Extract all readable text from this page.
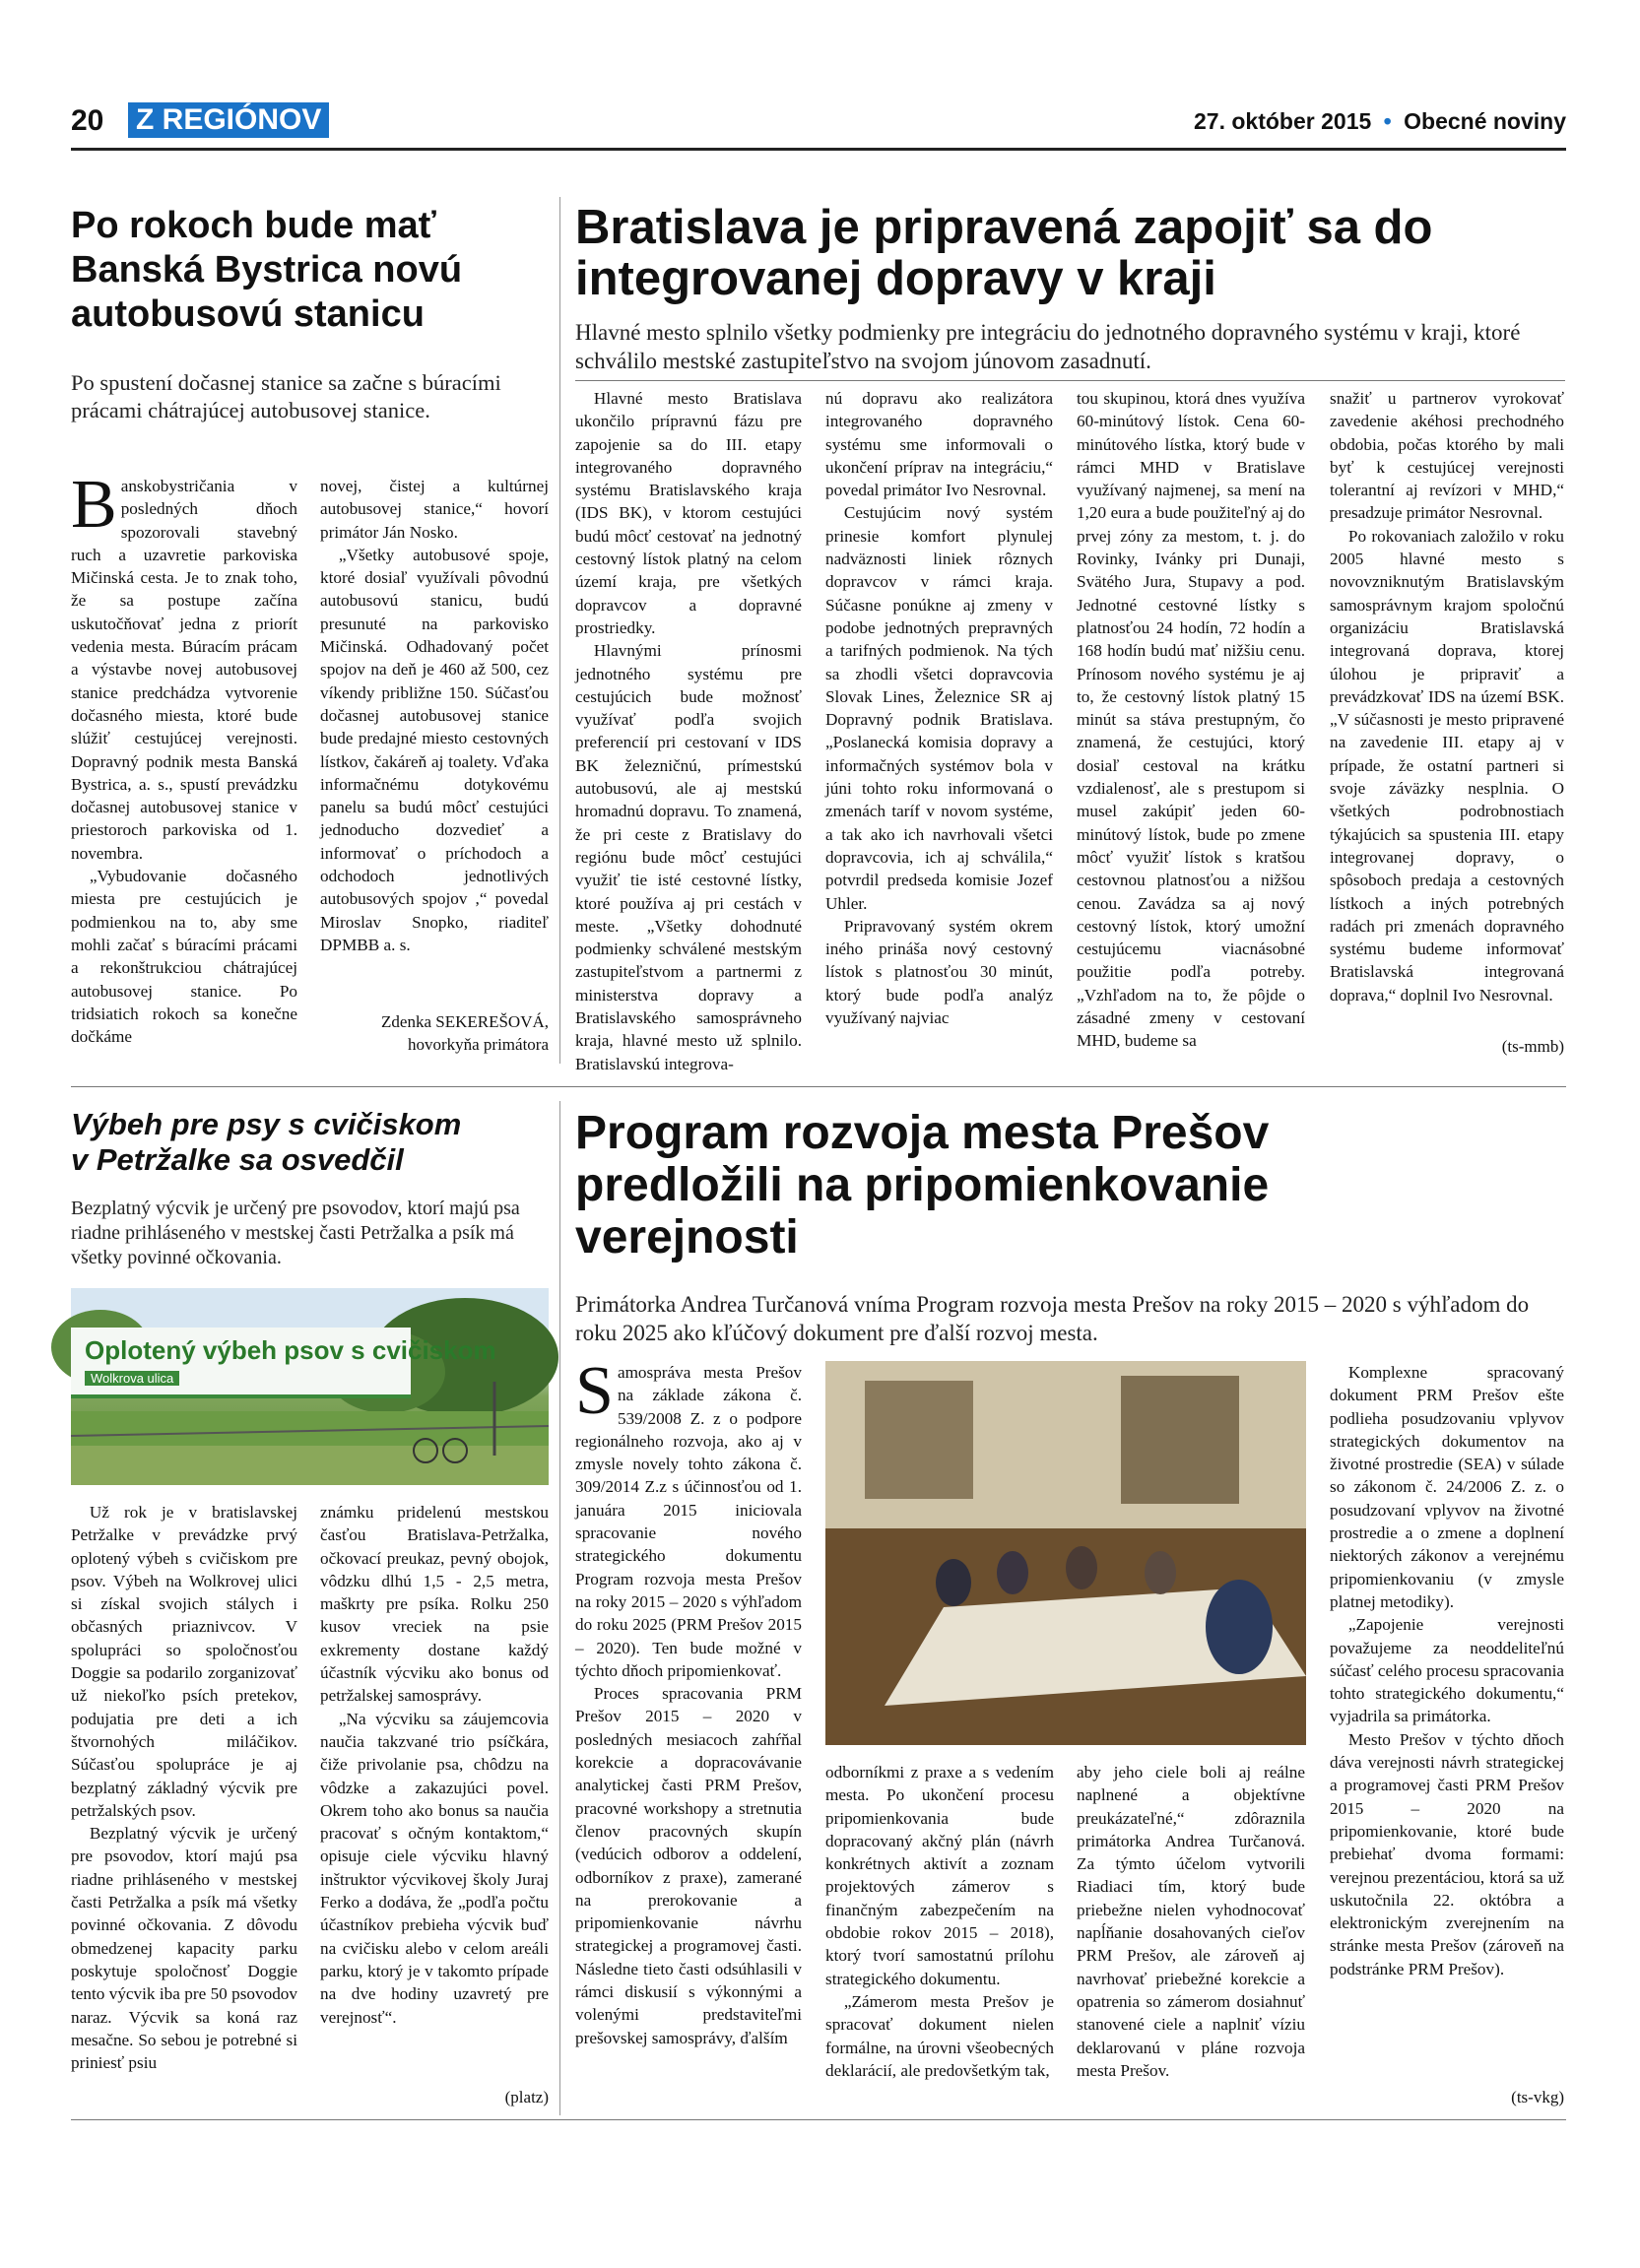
20 Z REGIÓNOV	27. október 2015 • Obecné noviny
Po rokoch bude mať Banská Bystrica novú autobusovú stanicu

Po spustení dočasnej stanice sa začne s búracími prácami chátrajúcej autobusovej stanice.

Banskobystričania v posledných dňoch spozorovali stavebný ruch a uzavretie parkoviska Mičinská cesta. Je to znak toho, že sa postupe začína uskutočňovať jedna z priorít vedenia mesta. Búracím prácam a výstavbe novej autobusovej stanice predchádza vytvorenie dočasného miesta, ktoré bude slúžiť cestujúcej verejnosti. Dopravný podnik mesta Banská Bystrica, a. s., spustí prevádzku dočasnej autobusovej stanice v priestoroch parkoviska od 1. novembra.

„Vybudovanie dočasného miesta pre cestujúcich je podmienkou na to, aby sme mohli začať s búracími prácami a rekonštrukciou chátrajúcej autobusovej stanice. Po tridsiatich rokoch sa konečne dočkáme

novej, čistej a kultúrnej autobusovej stanice,“ hovorí primátor Ján Nosko.

„Všetky autobusové spoje, ktoré dosiaľ využívali pôvodnú autobusovú stanicu, budú presunuté na parkovisko Mičinská. Odhadovaný počet spojov na deň je 460 až 500, cez víkendy približne 150. Súčasťou dočasnej autobusovej stanice bude predajné miesto cestovných lístkov, čakáreň aj toalety. Vďaka informačnému dotykovému panelu sa budú môcť cestujúci jednoducho dozvedieť a informovať o príchodoch a odchodoch jednotlivých autobusových spojov ,“ povedal Miroslav Snopko, riaditeľ DPMBB a. s.

Zdenka SEKEREŠOVÁ,
hovorkyňa primátora
Bratislava je pripravená zapojiť sa do integrovanej dopravy v kraji

Hlavné mesto splnilo všetky podmienky pre integráciu do jednotného dopravného systému v kraji, ktoré schválilo mestské zastupiteľstvo na svojom júnovom zasadnutí.

Hlavné mesto Bratislava ukončilo prípravnú fázu pre zapojenie sa do III. etapy integrovaného dopravného systému Bratislavského kraja (IDS BK), v ktorom cestujúci budú môcť cestovať na jednotný cestovný lístok platný na celom území kraja, pre všetkých dopravcov a dopravné prostriedky.

Hlavnými prínosmi jednotného systému pre cestujúcich bude možnosť využívať podľa svojich preferencií pri cestovaní v IDS BK železničnú, prímestskú autobusovú, ale aj mestskú hromadnú dopravu. To znamená, že pri ceste z Bratislavy do regiónu bude môcť cestujúci využiť tie isté cestovné lístky, ktoré používa aj pri cestách v meste. „Všetky dohodnuté podmienky schválené mestským zastupiteľstvom a partnermi z ministerstva dopravy a Bratislavského samosprávneho kraja, hlavné mesto už splnilo. Bratislavskú integrova-

nú dopravu ako realizátora integrovaného dopravného systému sme informovali o ukončení príprav na integráciu,“ povedal primátor Ivo Nesrovnal.

Cestujúcim nový systém prinesie komfort plynulej nadväznosti liniek rôznych dopravcov v rámci kraja. Súčasne ponúkne aj zmeny v podobe jednotných prepravných a tarifných podmienok. Na tých sa zhodli všetci dopravcovia Slovak Lines, Železnice SR aj Dopravný podnik Bratislava. „Poslanecká komisia dopravy a informačných systémov bola v júni tohto roku informovaná o zmenách taríf v novom systéme, a tak ako ich navrhovali všetci dopravcovia, ich aj schválila,“ potvrdil predseda komisie Jozef Uhler.

Pripravovaný systém okrem iného prináša nový cestovný lístok s platnosťou 30 minút, ktorý bude podľa analýz využívaný najviac

tou skupinou, ktorá dnes využíva 60-minútový lístok. Cena 60-minútového lístka, ktorý bude v rámci MHD v Bratislave využívaný najmenej, sa mení na 1,20 eura a bude použiteľný aj do prvej zóny za mestom, t. j. do Rovinky, Ivánky pri Dunaji, Svätého Jura, Stupavy a pod. Jednotné cestovné lístky s platnosťou 24 hodín, 72 hodín a 168 hodín budú mať nižšiu cenu. Prínosom nového systému je aj to, že cestovný lístok platný 15 minút sa stáva prestupným, čo znamená, že cestujúci, ktorý dosiaľ cestoval na krátku vzdialenosť, ale s prestupom si musel zakúpiť jeden 60-minútový lístok, bude po zmene môcť využiť lístok s kratšou cestovnou platnosťou a nižšou cenou. Zavádza sa aj nový cestovný lístok, ktorý umožní cestujúcemu viacnásobné použitie podľa potreby. „Vzhľadom na to, že pôjde o zásadné zmeny v cestovaní MHD, budeme sa

snažiť u partnerov vyrokovať zavedenie akéhosi prechodného obdobia, počas ktorého by mali byť k cestujúcej verejnosti tolerantní aj revízori v MHD,“ presadzuje primátor Nesrovnal.

Po rokovaniach založilo v roku 2005 hlavné mesto s novovzniknutým Bratislavským samosprávnym krajom spoločnú organizáciu Bratislavská integrovaná doprava, ktorej úlohou je pripraviť a prevádzkovať IDS na území BSK. „V súčasnosti je mesto pripravené na zavedenie III. etapy aj v prípade, že ostatní partneri si svoje záväzky nesplnia. O všetkých podrobnostiach týkajúcich sa spustenia III. etapy integrovanej dopravy, o spôsoboch predaja a cestovných lístkoch a iných potrebných radách pri zmenách dopravného systému budeme informovať Bratislavská integrovaná doprava,“ doplnil Ivo Nesrovnal.

(ts-mmb)
Výbeh pre psy s cvičiskom
v Petržalke sa osvedčil

Bezplatný výcvik je určený pre psovodov, ktorí majú psa riadne prihláseného v mestskej časti Petržalka a psík má všetky povinné očkovania.

Oplotený výbeh psov s cvičiskom
Wolkrova ulica

Už rok je v bratislavskej Petržalke v prevádzke prvý oplotený výbeh s cvičiskom pre psov. Výbeh na Wolkrovej ulici si získal svojich stálych i občasných priaznivcov. V spolupráci so spoločnosťou Doggie sa podarilo zorganizovať už niekoľko psích pretekov, podujatia pre deti a ich štvornohých miláčikov. Súčasťou spolupráce je aj bezplatný základný výcvik pre petržalských psov.

Bezplatný výcvik je určený pre psovodov, ktorí majú psa riadne prihláseného v mestskej časti Petržalka a psík má všetky povinné očkovania. Z dôvodu obmedzenej kapacity parku poskytuje spoločnosť Doggie tento výcvik iba pre 50 psovodov naraz. Výcvik sa koná raz mesačne. So sebou je potrebné si priniesť psiu

známku pridelenú mestskou časťou Bratislava-Petržalka, očkovací preukaz, pevný obojok, vôdzku dlhú 1,5 - 2,5 metra, maškrty pre psíka. Rolku 250 kusov vreciek na psie exkrementy dostane každý účastník výcviku ako bonus od petržalskej samosprávy.

„Na výcviku sa záujemcovia naučia takzvané trio psíčkára, čiže privolanie psa, chôdzu na vôdzke a zakazujúci povel. Okrem toho ako bonus sa naučia pracovať s očným kontaktom,“ opisuje ciele výcviku hlavný inštruktor výcvikovej školy Juraj Ferko a dodáva, že „podľa počtu účastníkov prebieha výcvik buď na cvičisku alebo v celom areáli parku, ktorý je v takomto prípade na dve hodiny uzavretý pre verejnosť“.

(platz)
Program rozvoja mesta Prešov predložili na pripomienkovanie verejnosti

Primátorka Andrea Turčanová vníma Program rozvoja mesta Prešov na roky 2015 – 2020 s výhľadom do roku 2025 ako kľúčový dokument pre ďalší rozvoj mesta.

Samospráva mesta Prešov na základe zákona č. 539/2008 Z. z o podpore regionálneho rozvoja, ako aj v zmysle novely tohto zákona č. 309/2014 Z.z s účinnosťou od 1. januára 2015 iniciovala spracovanie nového strategického dokumentu Program rozvoja mesta Prešov na roky 2015 – 2020 s výhľadom do roku 2025 (PRM Prešov 2015 – 2020). Ten bude možné v týchto dňoch pripomienkovať.

Proces spracovania PRM Prešov 2015 – 2020 v posledných mesiacoch zahŕňal korekcie a dopracovávanie analytickej časti PRM Prešov, pracovné workshopy a stretnutia členov pracovných skupín (vedúcich odborov a oddelení, odborníkov z praxe), zamerané na prerokovanie a pripomienkovanie návrhu strategickej a programovej časti. Následne tieto časti odsúhlasili v rámci diskusií s výkonnými a volenými predstaviteľmi prešovskej samosprávy, ďalším

odborníkmi z praxe a s vedením mesta. Po ukončení procesu pripomienkovania bude dopracovaný akčný plán (návrh konkrétnych aktivít a zoznam projektových zámerov s finančným zabezpečením na obdobie rokov 2015 – 2018), ktorý tvorí samostatnú prílohu strategického dokumentu.

„Zámerom mesta Prešov je spracovať dokument nielen formálne, na úrovni všeobecných deklarácií, ale predovšetkým tak,

aby jeho ciele boli aj reálne naplnené a objektívne preukázateľné,“ zdôraznila primátorka Andrea Turčanová. Za týmto účelom vytvorili Riadiaci tím, ktorý bude priebežne nielen vyhodnocovať napĺňanie dosahovaných cieľov PRM Prešov, ale zároveň aj navrhovať priebežné korekcie a opatrenia so zámerom dosiahnuť stanovené ciele a naplniť víziu deklarovanú v pláne rozvoja mesta Prešov.

Komplexne spracovaný dokument PRM Prešov ešte podlieha posudzovaniu vplyvov strategických dokumentov na životné prostredie (SEA) v súlade so zákonom č. 24/2006 Z. z. o posudzovaní vplyvov na životné prostredie a o zmene a doplnení niektorých zákonov a verejnému pripomienkovaniu (v zmysle platnej metodiky).

„Zapojenie verejnosti považujeme za neoddeliteľnú súčasť celého procesu spracovania tohto strategického dokumentu,“ vyjadrila sa primátorka.

Mesto Prešov v týchto dňoch dáva verejnosti návrh strategickej a programovej časti PRM Prešov 2015 – 2020 na pripomienkovanie, ktoré bude prebiehať dvoma formami: verejnou prezentáciou, ktorá sa už uskutočnila 22. októbra a elektronickým zverejnením na stránke mesta Prešov (zároveň na podstránke PRM Prešov).

(ts-vkg)
